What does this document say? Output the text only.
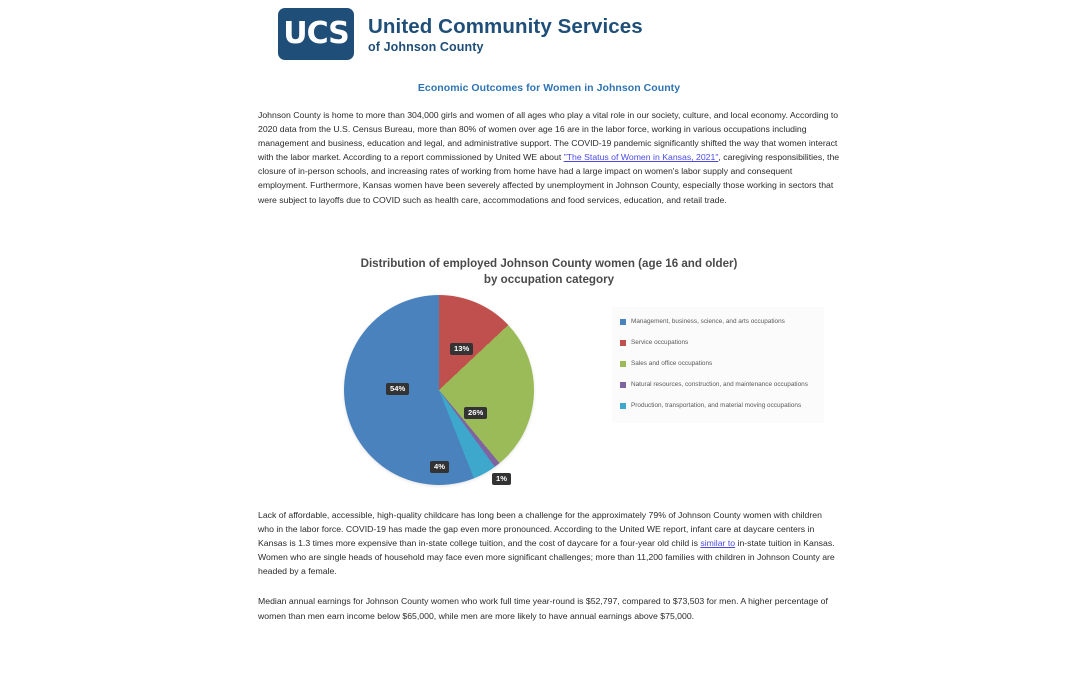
UCS United Community Services
of Johnson County
Economic Outcomes for Women in Johnson County

Johnson County is home to more than 304,000 girls and women of all ages who play a vital role in our society, culture, and local economy. According to 2020 data from the U.S. Census Bureau, more than 80% of women over age 16 are in the labor force, working in various occupations including management and business, education and legal, and administrative support. The COVID-19 pandemic significantly shifted the way that women interact with the labor market. According to a report commissioned by United WE about "The Status of Women in Kansas, 2021", caregiving responsibilities, the closure of in-person schools, and increasing rates of working from home have had a large impact on women's labor supply and consequent employment. Furthermore, Kansas women have been severely affected by unemployment in Johnson County, especially those working in sectors that were subject to layoffs due to COVID such as health care, accommodations and food services, education, and retail trade.

Distribution of employed Johnson County women (age 16 and older)
by occupation category
54%
13%
26%
1%
4%
Management, business, science, and arts occupations
Service occupations
Sales and office occupations
Natural resources, construction, and maintenance occupations
Production, transportation, and material moving occupations

Lack of affordable, accessible, high-quality childcare has long been a challenge for the approximately 79% of Johnson County women with children who in the labor force. COVID-19 has made the gap even more pronounced. According to the United WE report, infant care at daycare centers in Kansas is 1.3 times more expensive than in-state college tuition, and the cost of daycare for a four-year old child is similar to in-state tuition in Kansas. Women who are single heads of household may face even more significant challenges; more than 11,200 families with children in Johnson County are headed by a female.

Median annual earnings for Johnson County women who work full time year-round is $52,797, compared to $73,503 for men. A higher percentage of women than men earn income below $65,000, while men are more likely to have annual earnings above $75,000.
